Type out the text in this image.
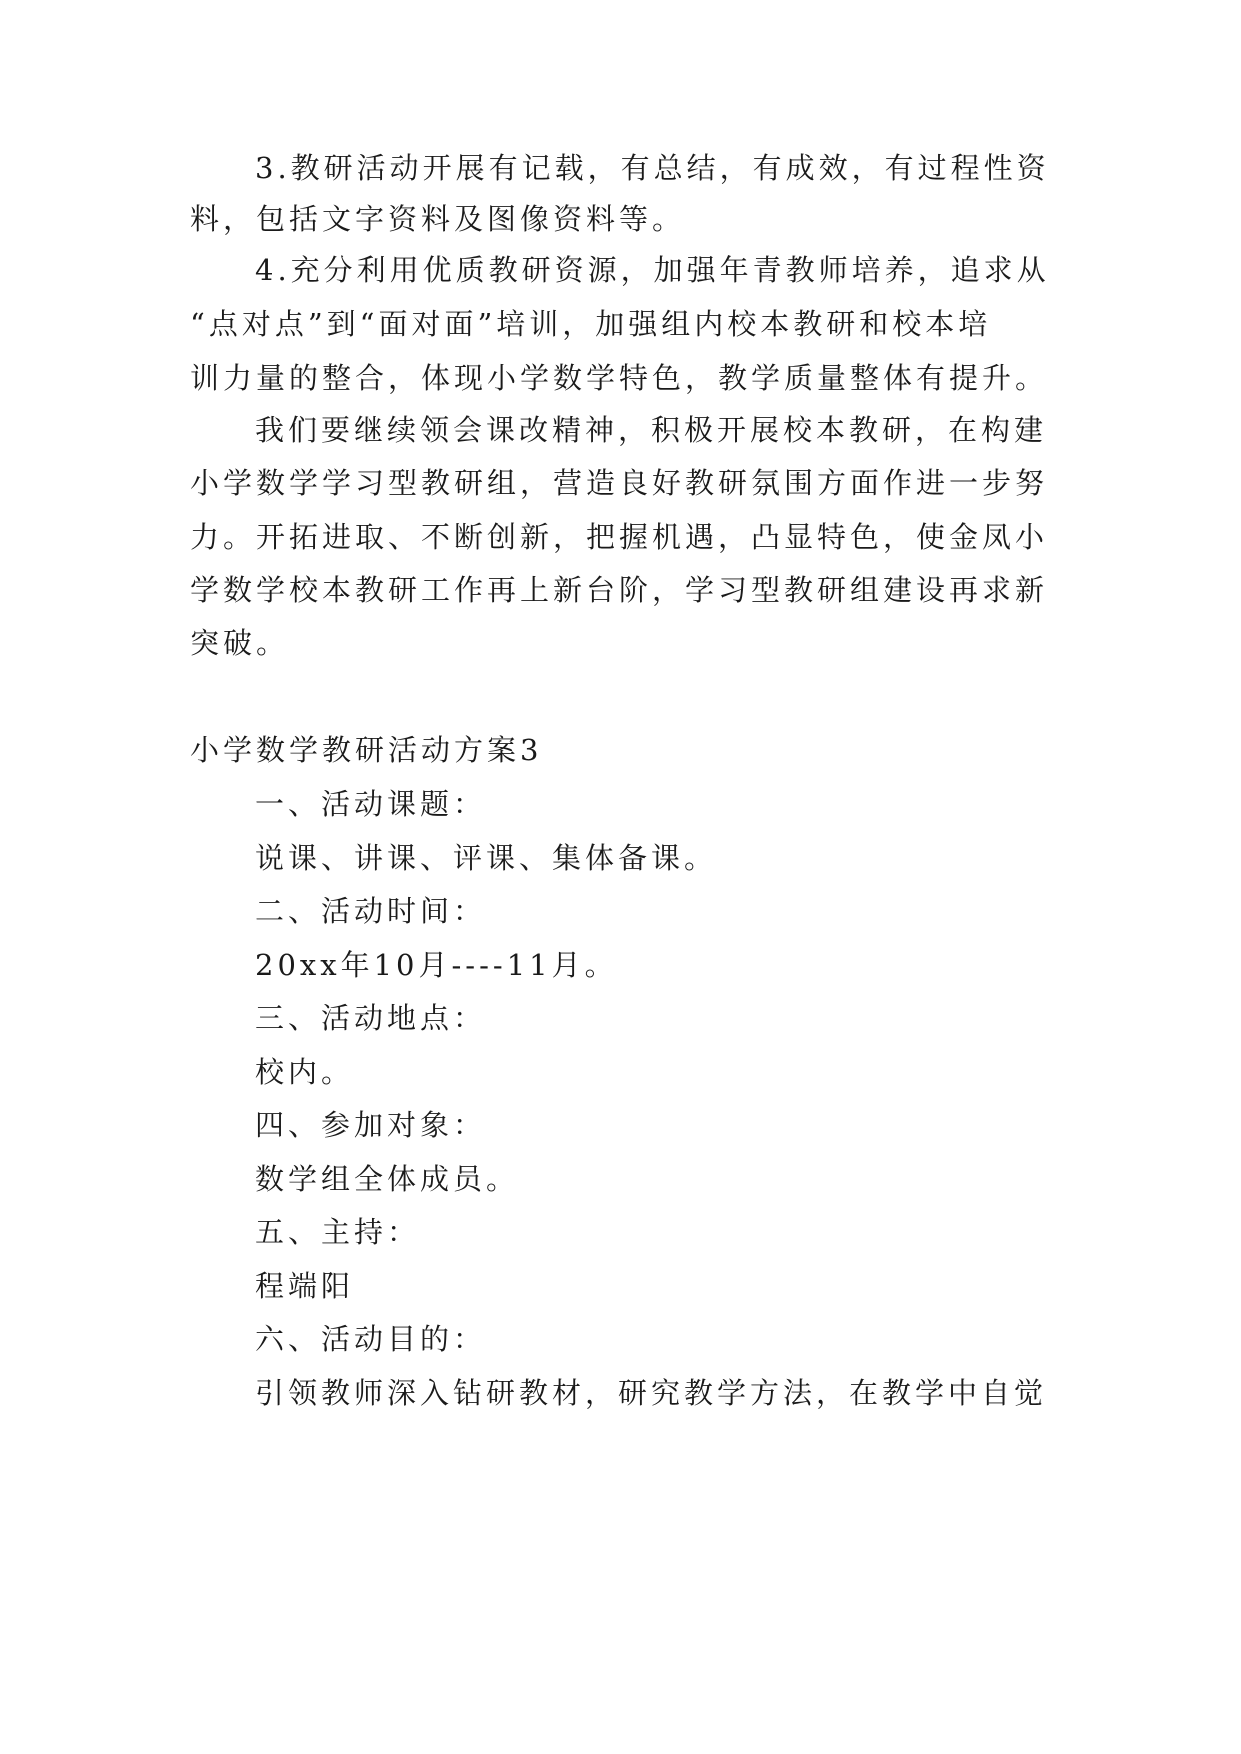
3.教研活动开展有记载，有总结，有成效，有过程性资
料，包括文字资料及图像资料等。
4.充分利用优质教研资源，加强年青教师培养，追求从
“点对点”到“面对面”培训，加强组内校本教研和校本培
训力量的整合，体现小学数学特色，教学质量整体有提升。
我们要继续领会课改精神，积极开展校本教研，在构建
小学数学学习型教研组，营造良好教研氛围方面作进一步努
力。开拓进取、不断创新，把握机遇，凸显特色，使金凤小
学数学校本教研工作再上新台阶，学习型教研组建设再求新
突破。
小学数学教研活动方案3
一、活动课题：
说课、讲课、评课、集体备课。
二、活动时间：
20xx年10月----11月。
三、活动地点：
校内。
四、参加对象：
数学组全体成员。
五、主持：
程端阳
六、活动目的：
引领教师深入钻研教材，研究教学方法，在教学中自觉
